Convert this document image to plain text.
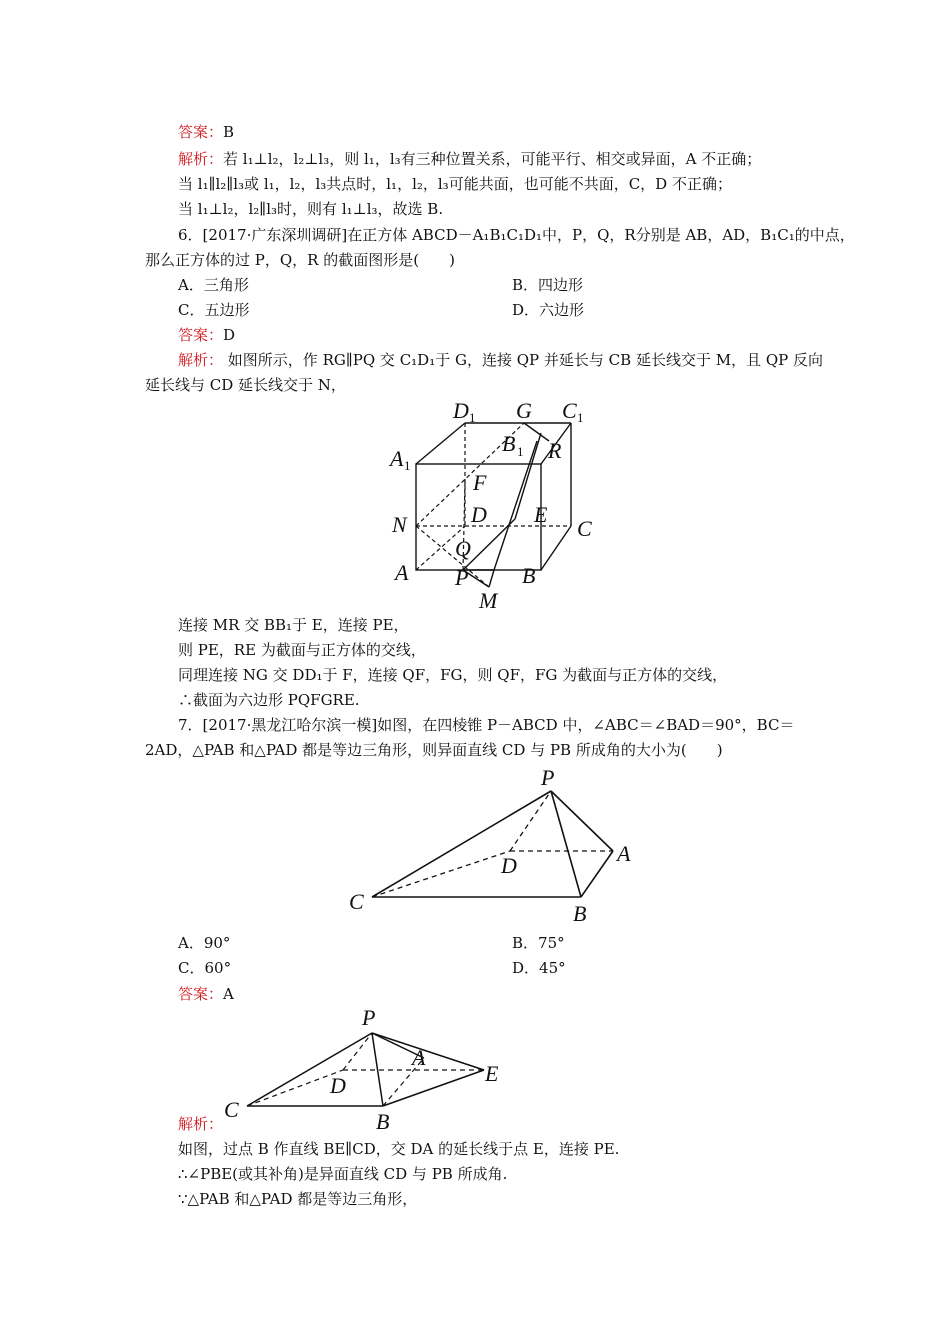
答案：B
解析：若 l₁⊥l₂，l₂⊥l₃，则 l₁，l₃有三种位置关系，可能平行、相交或异面，A 不正确；
当 l₁∥l₂∥l₃或 l₁，l₂，l₃共点时，l₁，l₂，l₃可能共面，也可能不共面，C，D 不正确；
当 l₁⊥l₂，l₂∥l₃时，则有 l₁⊥l₃，故选 B.
6．[2017·广东深圳调研]在正方体 ABCD－A₁B₁C₁D₁中，P，Q，R分别是 AB，AD，B₁C₁的中点，
那么正方体的过 P，Q，R 的截面图形是(　　)
A．三角形	B．四边形
C．五边形	D．六边形
答案：D
解析： 如图所示，作 RG∥PQ 交 C₁D₁于 G，连接 QP 并延长与 CB 延长线交于 M，且 QP 反向
延长线与 CD 延长线交于 N，
D 1 G C 1
A 1
B 1 R
F
N	D E
C
Q
A P B
M
连接 MR 交 BB₁于 E，连接 PE，
则 PE，RE 为截面与正方体的交线，
同理连接 NG 交 DD₁于 F，连接 QF，FG，则 QF，FG 为截面与正方体的交线，
∴截面为六边形 PQFGRE.
7．[2017·黑龙江哈尔滨一模]如图，在四棱锥 P－ABCD 中，∠ABC＝∠BAD＝90°，BC＝
2AD，△PAB 和△PAD 都是等边三角形，则异面直线 CD 与 PB 所成角的大小为(　　)
P
D	A
C	B
A．90°	B．75°
C．60°	D．45°
答案：A
P
A
E
D
C	B
解析：
如图，过点 B 作直线 BE∥CD，交 DA 的延长线于点 E，连接 PE.
∴∠PBE(或其补角)是异面直线 CD 与 PB 所成角.
∵△PAB 和△PAD 都是等边三角形，
